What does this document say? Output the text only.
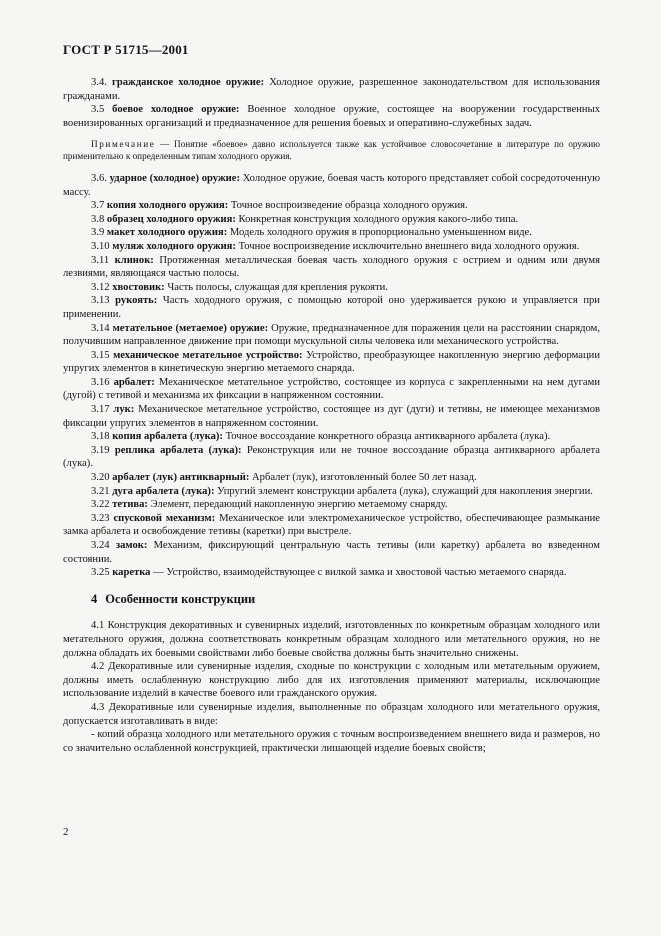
ГОСТ Р 51715—2001

3.4. гражданское холодное оружие: Холодное оружие, разрешенное законодательством для использования гражданами.

3.5 боевое холодное оружие: Военное холодное оружие, состоящее на вооружении государственных военизированных организаций и предназначенное для решения боевых и оперативно-служебных задач.

Примечание — Понятие «боевое» давно используется также как устойчивое словосочетание в литературе по оружию применительно к определенным типам холодного оружия.

3.6. ударное (холодное) оружие: Холодное оружие, боевая часть которого представляет собой сосредоточенную массу.

3.7 копия холодного оружия: Точное воспроизведение образца холодного оружия.

3.8 образец холодного оружия: Конкретная конструкция холодного оружия какого-либо типа.

3.9 макет холодного оружия: Модель холодного оружия в пропорционально уменьшенном виде.

3.10 муляж холодного оружия: Точное воспроизведение исключительно внешнего вида холодного оружия.

3.11 клинок: Протяженная металлическая боевая часть холодного оружия с острием и одним или двумя лезвиями, являющаяся частью полосы.

3.12 хвостовик: Часть полосы, служащая для крепления рукояти.

3.13 рукоять: Часть хододного оружия, с помощью которой оно удерживается рукою и управляется при применении.

3.14 метательное (метаемое) оружие: Оружие, предназначенное для поражения цели на расстоянии снарядом, получившим направленное движение при помощи мускульной силы человека или механического устройства.

3.15 механическое метательное устройство: Устройство, преобразующее накопленную энергию деформации упругих элементов в кинетическую энергию метаемого снаряда.

3.16 арбалет: Механическое метательное устройство, состоящее из корпуса с закрепленными на нем дугами (дугой) с тетивой и механизма их фиксации в напряженном состоянии.

3.17 лук: Механическое метательное устройство, состоящее из дуг (дуги) и тетивы, не имеющее механизмов фиксации упругих элементов в напряженном состоянии.

3.18 копия арбалета (лука): Точное воссоздание конкретного образца антикварного арбалета (лука).

3.19 реплика арбалета (лука): Реконструкция или не точное воссоздание образца антикварного арбалета (лука).

3.20 арбалет (лук) антикварный: Арбалет (лук), изготовленный более 50 лет назад.

3.21 дуга арбалета (лука): Упругий элемент конструкции арбалета (лука), служащий для накопления энергии.

3.22 тетива: Элемент, передающий накопленную энергию метаемому снаряду.

3.23 спусковой механизм: Механическое или электромеханическое устройство, обеспечивающее размыкание замка арбалета и освобождение тетивы (каретки) при выстреле.

3.24 замок: Механизм, фиксирующий центральную часть тетивы (или каретку) арбалета во взведенном состоянии.

3.25 каретка — Устройство, взаимодействующее с вилкой замка и хвостовой частью метаемого снаряда.

4 Особенности конструкции

4.1 Конструкция декоративных и сувенирных изделий, изготовленных по конкретным образцам холодного или метательного оружия, должна соответствовать конкретным образцам холодного или метательного оружия, но не должна обладать их боевыми свойствами либо боевые свойства должны быть значительно снижены.

4.2 Декоративные или сувенирные изделия, сходные по конструкции с холодным или метательным оружием, должны иметь ослабленную конструкцию либо для их изготовления применяют материалы, исключающие использование изделий в качестве боевого или гражданского оружия.

4.3 Декоративные или сувенирные изделия, выполненные по образцам холодного или метательного оружия, допускается изготавливать в виде:

- копий образца холодного или метательного оружия с точным воспроизведением внешнего вида и размеров, но со значительно ослабленной конструкцией, практически лишающей изделие боевых свойств;

2
